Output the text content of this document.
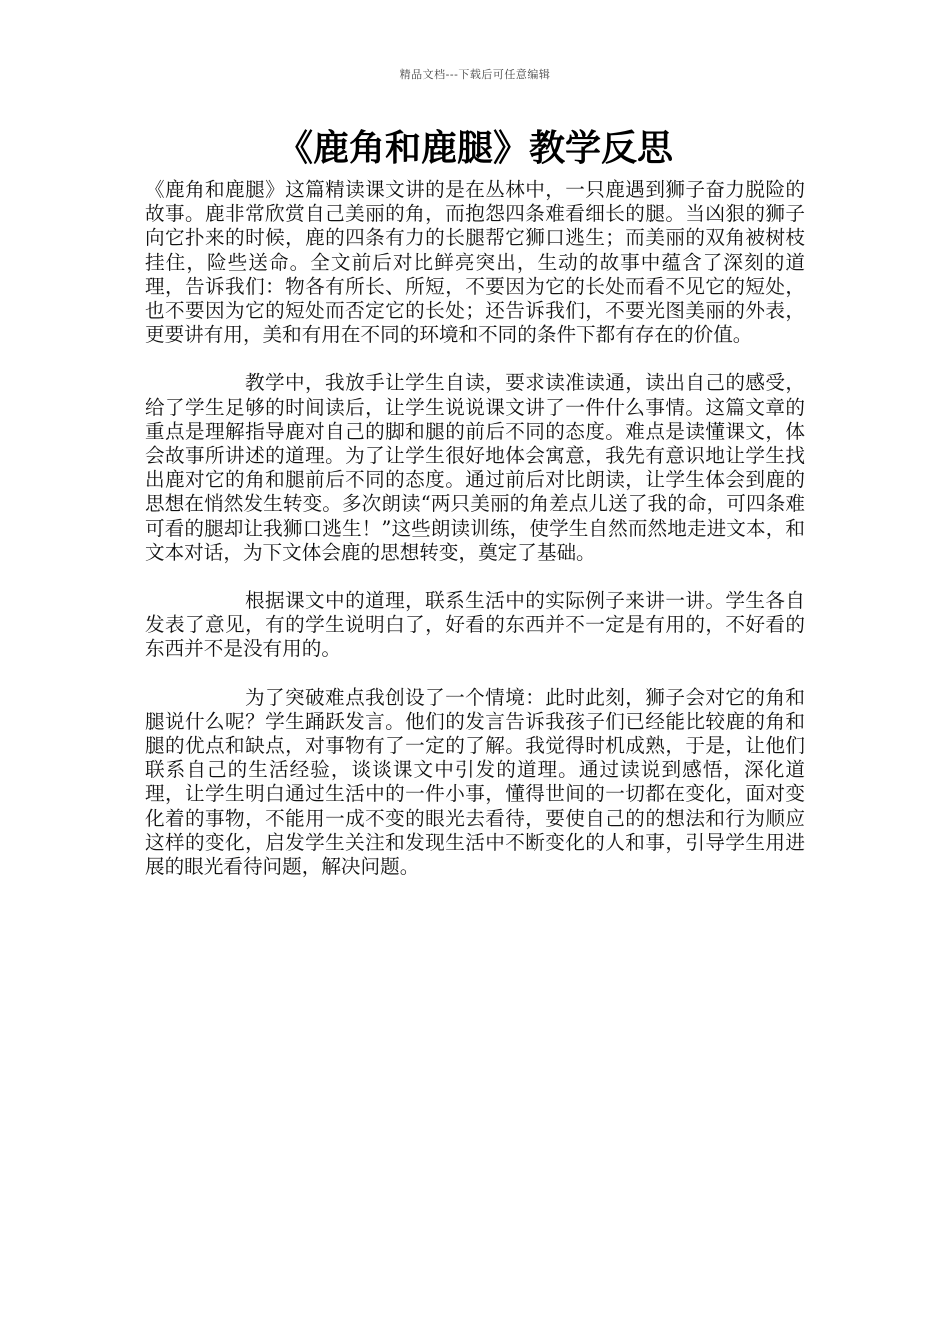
精品文档---下载后可任意编辑
《鹿角和鹿腿》教学反思

《鹿角和鹿腿》这篇精读课文讲的是在丛林中，一只鹿遇到狮子奋力脱险的故事。鹿非常欣赏自己美丽的角，而抱怨四条难看细长的腿。当凶狠的狮子向它扑来的时候，鹿的四条有力的长腿帮它狮口逃生；而美丽的双角被树枝挂住，险些送命。全文前后对比鲜亮突出，生动的故事中蕴含了深刻的道理，告诉我们：物各有所长、所短，不要因为它的长处而看不见它的短处，也不要因为它的短处而否定它的长处；还告诉我们，不要光图美丽的外表，更要讲有用，美和有用在不同的环境和不同的条件下都有存在的价值。

教学中，我放手让学生自读，要求读准读通，读出自己的感受，给了学生足够的时间读后，让学生说说课文讲了一件什么事情。这篇文章的重点是理解指导鹿对自己的脚和腿的前后不同的态度。难点是读懂课文，体会故事所讲述的道理。为了让学生很好地体会寓意，我先有意识地让学生找出鹿对它的角和腿前后不同的态度。通过前后对比朗读，让学生体会到鹿的思想在悄然发生转变。多次朗读“两只美丽的角差点儿送了我的命，可四条难可看的腿却让我狮口逃生！”这些朗读训练，使学生自然而然地走进文本，和文本对话，为下文体会鹿的思想转变，奠定了基础。

根据课文中的道理，联系生活中的实际例子来讲一讲。学生各自发表了意见，有的学生说明白了，好看的东西并不一定是有用的，不好看的东西并不是没有用的。

为了突破难点我创设了一个情境：此时此刻，狮子会对它的角和腿说什么呢？学生踊跃发言。他们的发言告诉我孩子们已经能比较鹿的角和腿的优点和缺点，对事物有了一定的了解。我觉得时机成熟，于是，让他们联系自己的生活经验，谈谈课文中引发的道理。通过读说到感悟，深化道理，让学生明白通过生活中的一件小事，懂得世间的一切都在变化，面对变化着的事物，不能用一成不变的眼光去看待，要使自己的的想法和行为顺应这样的变化，启发学生关注和发现生活中不断变化的人和事，引导学生用进展的眼光看待问题，解决问题。
